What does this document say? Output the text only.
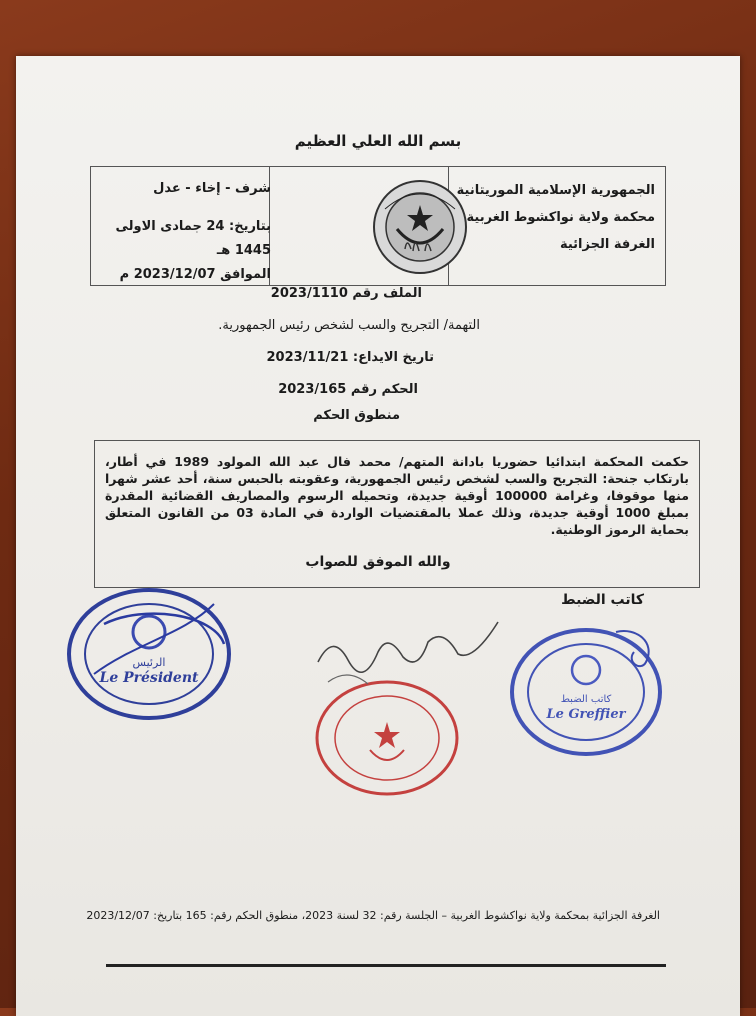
بسم الله العلي العظيم
الجمهورية الإسلامية الموريتانية
محكمة ولاية نواكشوط الغربية
الغرفة الجزائية
شرف - إخاء - عدل
بتاريخ: 24 جمادى الاولى
1445 هـ
الموافق 2023/12/07 م
الملف رقم 2023/1110
التهمة/ التجريح والسب لشخص رئيس الجمهورية.
تاريخ الايداع: 2023/11/21
الحكم رقم 2023/165
منطوق الحكم
حكمت المحكمة ابتدائيا حضوريا بادانة المتهم/ محمد فال عبد الله المولود 1989 في أطار، بارتكاب جنحة: التجريح والسب لشخص رئيس الجمهورية، وعقوبته بالحبس سنة، أحد عشر شهرا منها موقوفا، وغرامة 100000 أوقية جديدة، وتحميله الرسوم والمصاريف القضائية المقدرة بمبلغ 1000 أوقية جديدة، وذلك عملا بالمقتضيات الواردة في المادة 03 من القانون المتعلق بحماية الرموز الوطنية.
والله الموفق للصواب
كاتب الضبط
Le Président
الرئيس
Le Greffier
كاتب الضبط
الغرفة الجزائية بمحكمة ولاية نواكشوط الغربية – الجلسة رقم: 32 لسنة 2023، منطوق الحكم رقم: 165 بتاريخ: 2023/12/07
